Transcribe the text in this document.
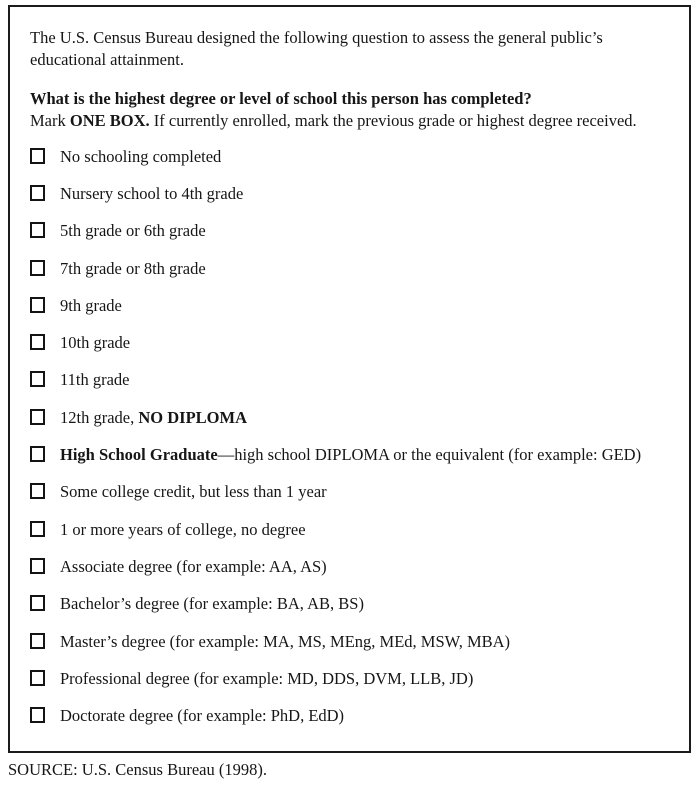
The U.S. Census Bureau designed the following question to assess the general public’s educational attainment.

What is the highest degree or level of school this person has completed?
Mark ONE BOX. If currently enrolled, mark the previous grade or highest degree received.
No schooling completed
Nursery school to 4th grade
5th grade or 6th grade
7th grade or 8th grade
9th grade
10th grade
11th grade
12th grade, NO DIPLOMA
High School Graduate—high school DIPLOMA or the equivalent (for example: GED)
Some college credit, but less than 1 year
1 or more years of college, no degree
Associate degree (for example: AA, AS)
Bachelor’s degree (for example: BA, AB, BS)
Master’s degree (for example: MA, MS, MEng, MEd, MSW, MBA)
Professional degree (for example: MD, DDS, DVM, LLB, JD)
Doctorate degree (for example: PhD, EdD)
SOURCE: U.S. Census Bureau (1998).
